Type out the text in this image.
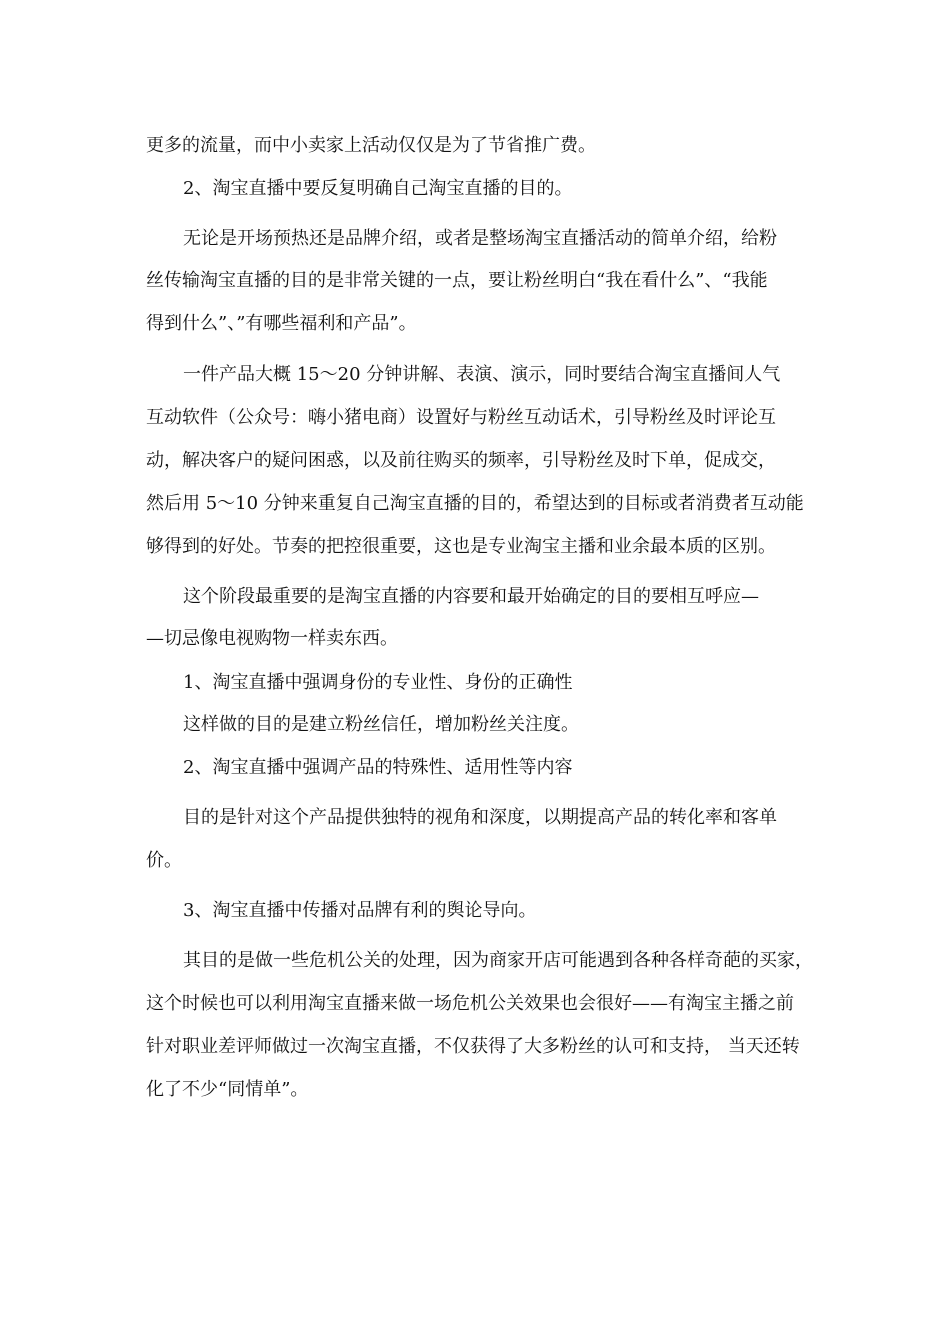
更多的流量，而中小卖家上活动仅仅是为了节省推广费。
2、淘宝直播中要反复明确自己淘宝直播的目的。
无论是开场预热还是品牌介绍，或者是整场淘宝直播活动的简单介绍，给粉
丝传输淘宝直播的目的是非常关键的一点，要让粉丝明白“我在看什么”、“我能
得到什么”、”有哪些福利和产品”。
一件产品大概 15～20 分钟讲解、表演、演示，同时要结合淘宝直播间人气
互动软件（公众号：嗨小猪电商）设置好与粉丝互动话术，引导粉丝及时评论互
动，解决客户的疑问困惑，以及前往购买的频率，引导粉丝及时下单，促成交，
然后用 5～10 分钟来重复自己淘宝直播的目的，希望达到的目标或者消费者互动能
够得到的好处。节奏的把控很重要，这也是专业淘宝主播和业余最本质的区别。
这个阶段最重要的是淘宝直播的内容要和最开始确定的目的要相互呼应—
—切忌像电视购物一样卖东西。
1、淘宝直播中强调身份的专业性、身份的正确性
这样做的目的是建立粉丝信任，增加粉丝关注度。
2、淘宝直播中强调产品的特殊性、适用性等内容
目的是针对这个产品提供独特的视角和深度，以期提高产品的转化率和客单
价。
3、淘宝直播中传播对品牌有利的舆论导向。
其目的是做一些危机公关的处理，因为商家开店可能遇到各种各样奇葩的买家，
这个时候也可以利用淘宝直播来做一场危机公关效果也会很好——有淘宝主播之前
针对职业差评师做过一次淘宝直播，不仅获得了大多粉丝的认可和支持， 当天还转
化了不少“同情单”。
